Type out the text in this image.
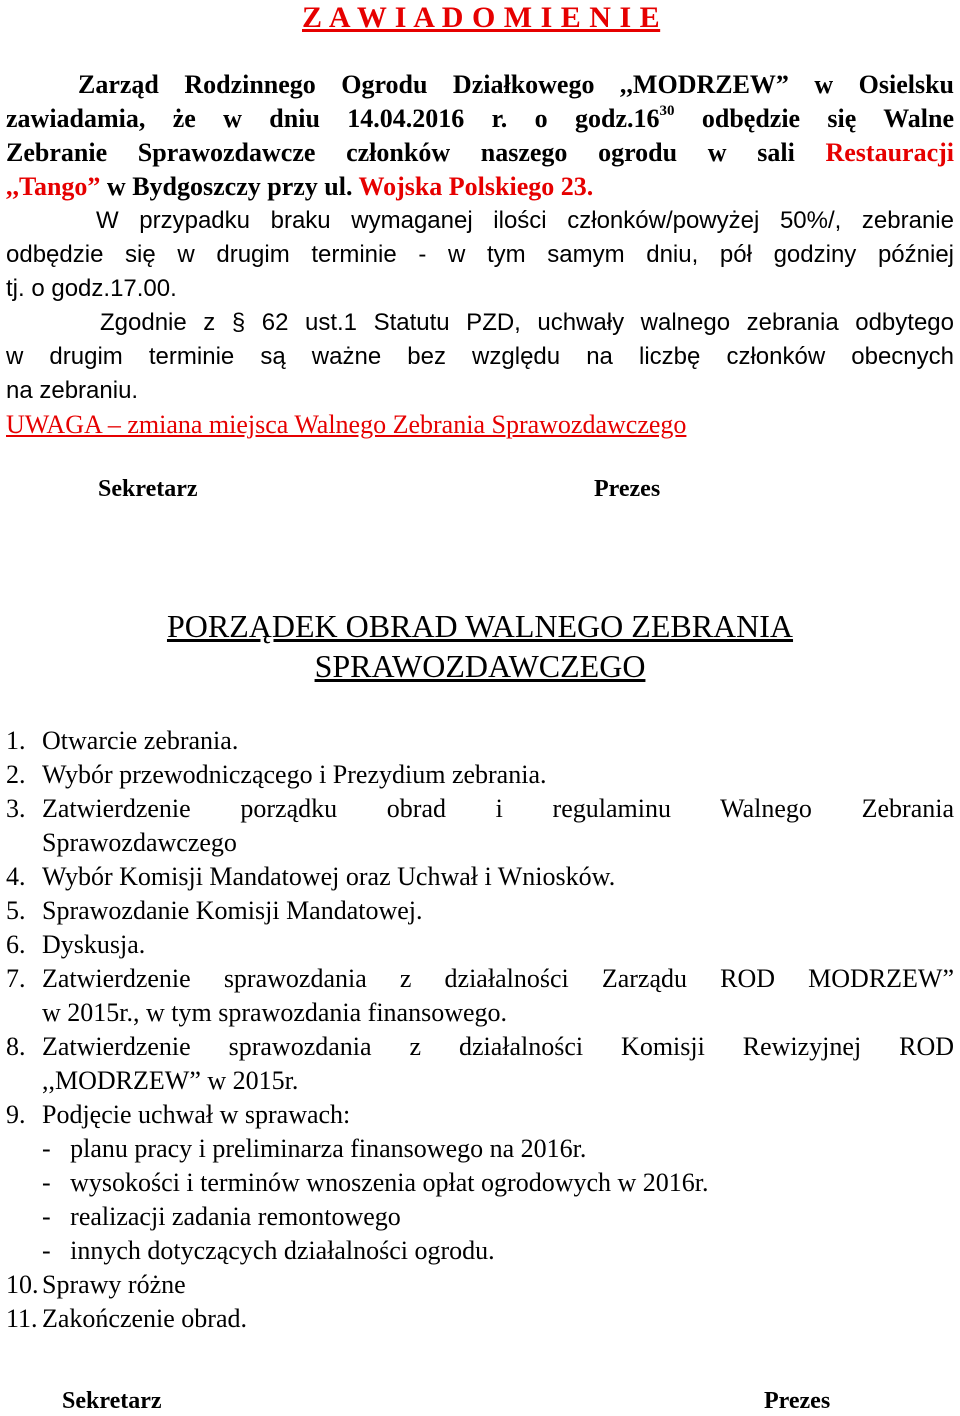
Z A W I A D O M I E N I E
Zarząd Rodzinnego Ogrodu Działkowego ,,MODRZEW” w Osielsku
zawiadamia, że w dniu 14.04.2016 r. o $godz.16^{30}$ odbędzie się Walne
Zebranie Sprawozdawcze członków naszego ogrodu w sali Restauracji
,,Tango” w Bydgoszczy przy ul. Wojska Polskiego 23.
W przypadku braku wymaganej ilości członków/powyżej 50%/, zebranie
odbędzie się w drugim terminie - w tym samym dniu, pół godziny później
tj. o godz.17.00.
Zgodnie z § 62 ust.1 Statutu PZD, uchwały walnego zebrania odbytego
w drugim terminie są ważne bez względu na liczbę członków obecnych
na zebraniu.
UWAGA – zmiana miejsca Walnego Zebrania Sprawozdawczego
Sekretarz	Prezes
PORZĄDEK OBRAD WALNEGO ZEBRANIA
SPRAWOZDAWCZEGO
1. Otwarcie zebrania.
2. Wybór przewodniczącego i Prezydium zebrania.
3. Zatwierdzenie porządku obrad i regulaminu Walnego Zebrania
Sprawozdawczego
4. Wybór Komisji Mandatowej oraz Uchwał i Wniosków.
5. Sprawozdanie Komisji Mandatowej.
6. Dyskusja.
7. Zatwierdzenie sprawozdania z działalności Zarządu ROD MODRZEW”
w 2015r., w tym sprawozdania finansowego.
8. Zatwierdzenie sprawozdania z działalności Komisji Rewizyjnej ROD
,,MODRZEW” w 2015r.
9. Podjęcie uchwał w sprawach:
-   planu pracy i preliminarza finansowego na 2016r.
-   wysokości i terminów wnoszenia opłat ogrodowych w 2016r.
-   realizacji zadania remontowego
-   innych dotyczących działalności ogrodu.
10. Sprawy różne
11. Zakończenie obrad.
Sekretarz	Prezes
